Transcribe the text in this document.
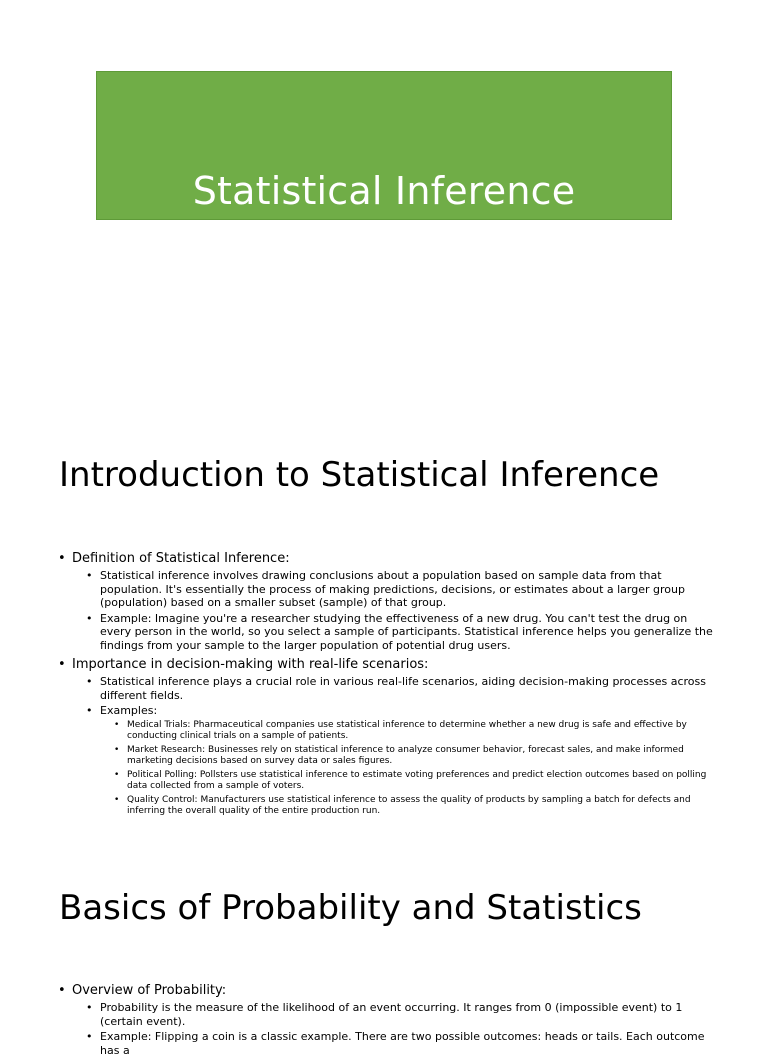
Statistical Inference
Introduction to Statistical Inference
• Definition of Statistical Inference:
• Statistical inference involves drawing conclusions about a population based on sample data from that population. It's essentially the process of making predictions, decisions, or estimates about a larger group (population) based on a smaller subset (sample) of that group.
• Example: Imagine you're a researcher studying the effectiveness of a new drug. You can't test the drug on every person in the world, so you select a sample of participants. Statistical inference helps you generalize the findings from your sample to the larger population of potential drug users.
• Importance in decision-making with real-life scenarios:
• Statistical inference plays a crucial role in various real-life scenarios, aiding decision-making processes across different fields.
• Examples:
• Medical Trials: Pharmaceutical companies use statistical inference to determine whether a new drug is safe and effective by conducting clinical trials on a sample of patients.
• Market Research: Businesses rely on statistical inference to analyze consumer behavior, forecast sales, and make informed marketing decisions based on survey data or sales figures.
• Political Polling: Pollsters use statistical inference to estimate voting preferences and predict election outcomes based on polling data collected from a sample of voters.
• Quality Control: Manufacturers use statistical inference to assess the quality of products by sampling a batch for defects and inferring the overall quality of the entire production run.
Basics of Probability and Statistics
• Overview of Probability:
• Probability is the measure of the likelihood of an event occurring. It ranges from 0 (impossible event) to 1 (certain event).
• Example: Flipping a coin is a classic example. There are two possible outcomes: heads or tails. Each outcome has a
